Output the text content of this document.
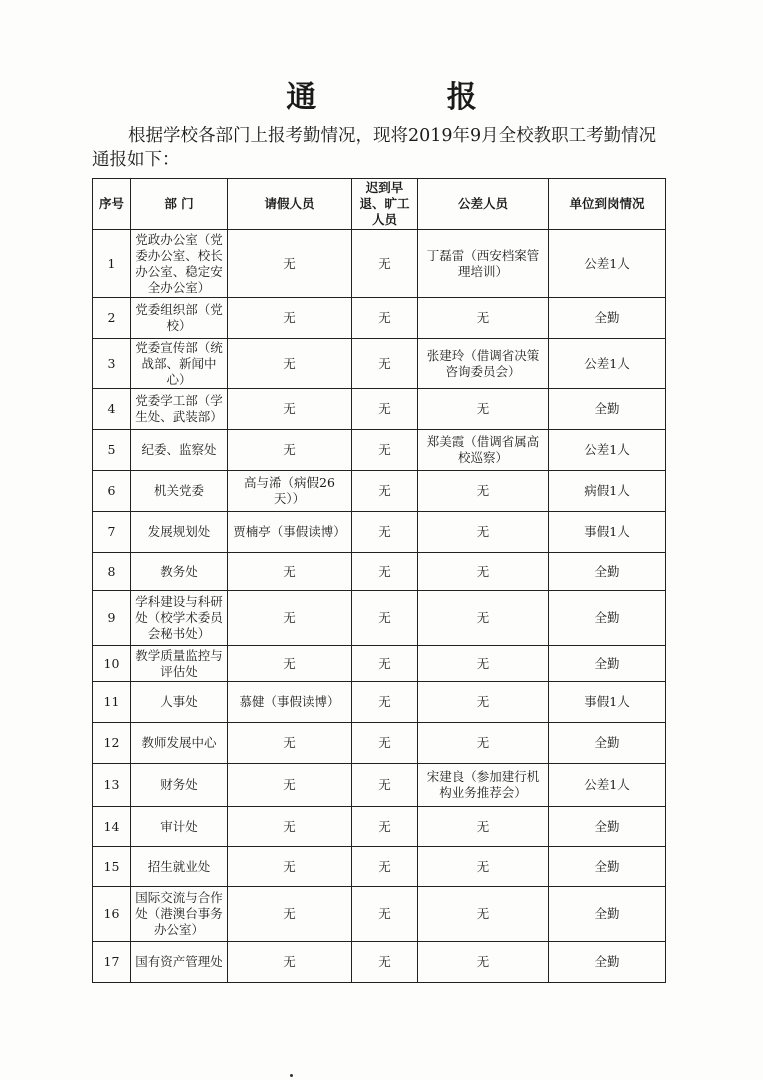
通 报
根据学校各部门上报考勤情况，现将2019年9月全校教职工考勤情况通报如下：
序号	部 门	请假人员	迟到早退、旷工人员	公差人员	单位到岗情况
1	党政办公室（党委办公室、校长办公室、稳定安全办公室）	无	无	丁磊雷（西安档案管理培训）	公差1人
2	党委组织部（党校）	无	无	无	全勤
3	党委宣传部（统战部、新闻中心）	无	无	张建玲（借调省决策咨询委员会）	公差1人
4	党委学工部（学生处、武装部）	无	无	无	全勤
5	纪委、监察处	无	无	郑美霞（借调省属高校巡察）	公差1人
6	机关党委	高与浠（病假26天））	无	无	病假1人
7	发展规划处	贾楠亭（事假读博）	无	无	事假1人
8	教务处	无	无	无	全勤
9	学科建设与科研处（校学术委员会秘书处）	无	无	无	全勤
10	教学质量监控与评估处	无	无	无	全勤
11	人事处	慕健（事假读博）	无	无	事假1人
12	教师发展中心	无	无	无	全勤
13	财务处	无	无	宋建良（参加建行机构业务推荐会）	公差1人
14	审计处	无	无	无	全勤
15	招生就业处	无	无	无	全勤
16	国际交流与合作处（港澳台事务办公室）	无	无	无	全勤
17	国有资产管理处	无	无	无	全勤
